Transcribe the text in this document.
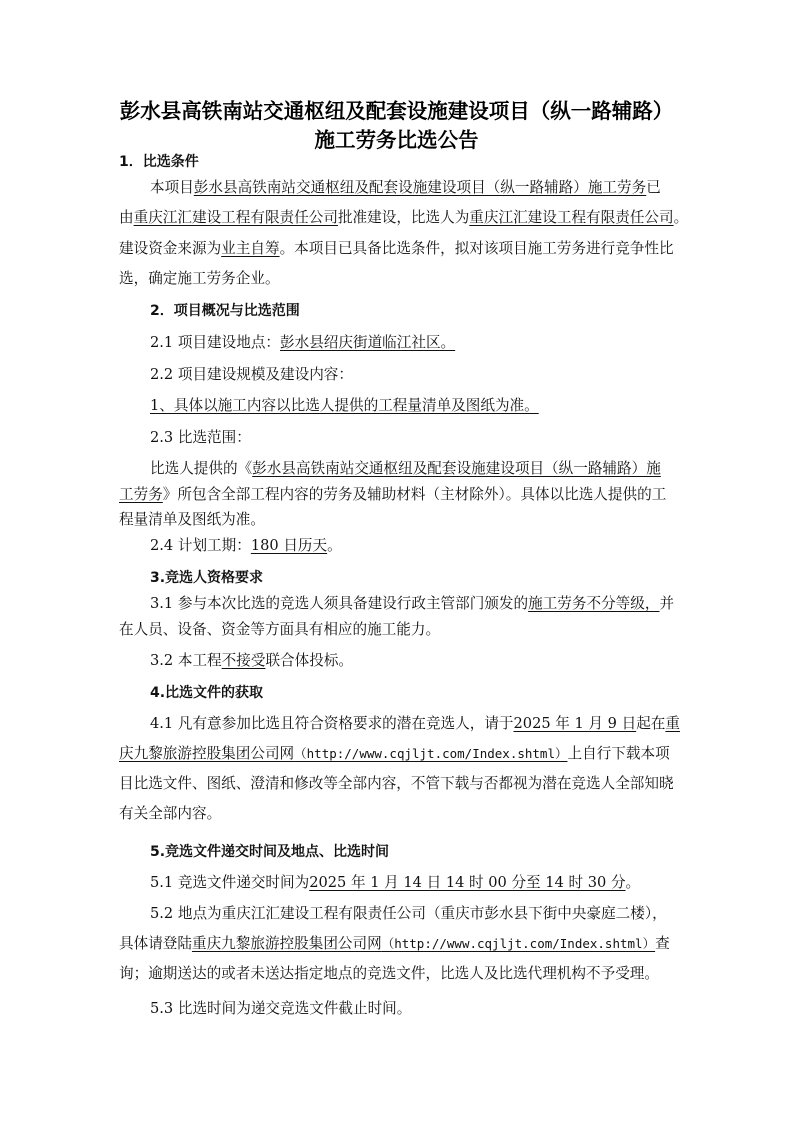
彭水县高铁南站交通枢纽及配套设施建设项目（纵一路辅路）
施工劳务比选公告
1．比选条件
本项目彭水县高铁南站交通枢纽及配套设施建设项目（纵一路辅路）施工劳务已
由重庆江汇建设工程有限责任公司批准建设，比选人为重庆江汇建设工程有限责任公司。
建设资金来源为业主自筹。本项目已具备比选条件，拟对该项目施工劳务进行竞争性比
选，确定施工劳务企业。
2．项目概况与比选范围
2.1 项目建设地点：彭水县绍庆街道临江社区。
2.2 项目建设规模及建设内容：
1、具体以施工内容以比选人提供的工程量清单及图纸为准。
2.3 比选范围：
比选人提供的《彭水县高铁南站交通枢纽及配套设施建设项目（纵一路辅路）施
工劳务》所包含全部工程内容的劳务及辅助材料（主材除外）。具体以比选人提供的工
程量清单及图纸为准。
2.4 计划工期：180 日历天。
3.竞选人资格要求
3.1 参与本次比选的竞选人须具备建设行政主管部门颁发的施工劳务不分等级，并
在人员、设备、资金等方面具有相应的施工能力。
3.2 本工程不接受联合体投标。
4.比选文件的获取
4.1 凡有意参加比选且符合资格要求的潜在竞选人，请于2025 年 1 月 9 日起在重
庆九黎旅游控股集团公司网（http://www.cqjljt.com/Index.shtml）上自行下载本项
目比选文件、图纸、澄清和修改等全部内容，不管下载与否都视为潜在竞选人全部知晓
有关全部内容。
5.竞选文件递交时间及地点、比选时间
5.1 竞选文件递交时间为2025 年 1 月 14 日 14 时 00 分至 14 时 30 分。
5.2 地点为重庆江汇建设工程有限责任公司（重庆市彭水县下街中央豪庭二楼），
具体请登陆重庆九黎旅游控股集团公司网（http://www.cqjljt.com/Index.shtml）查
询；逾期送达的或者未送达指定地点的竞选文件，比选人及比选代理机构不予受理。
5.3 比选时间为递交竞选文件截止时间。
